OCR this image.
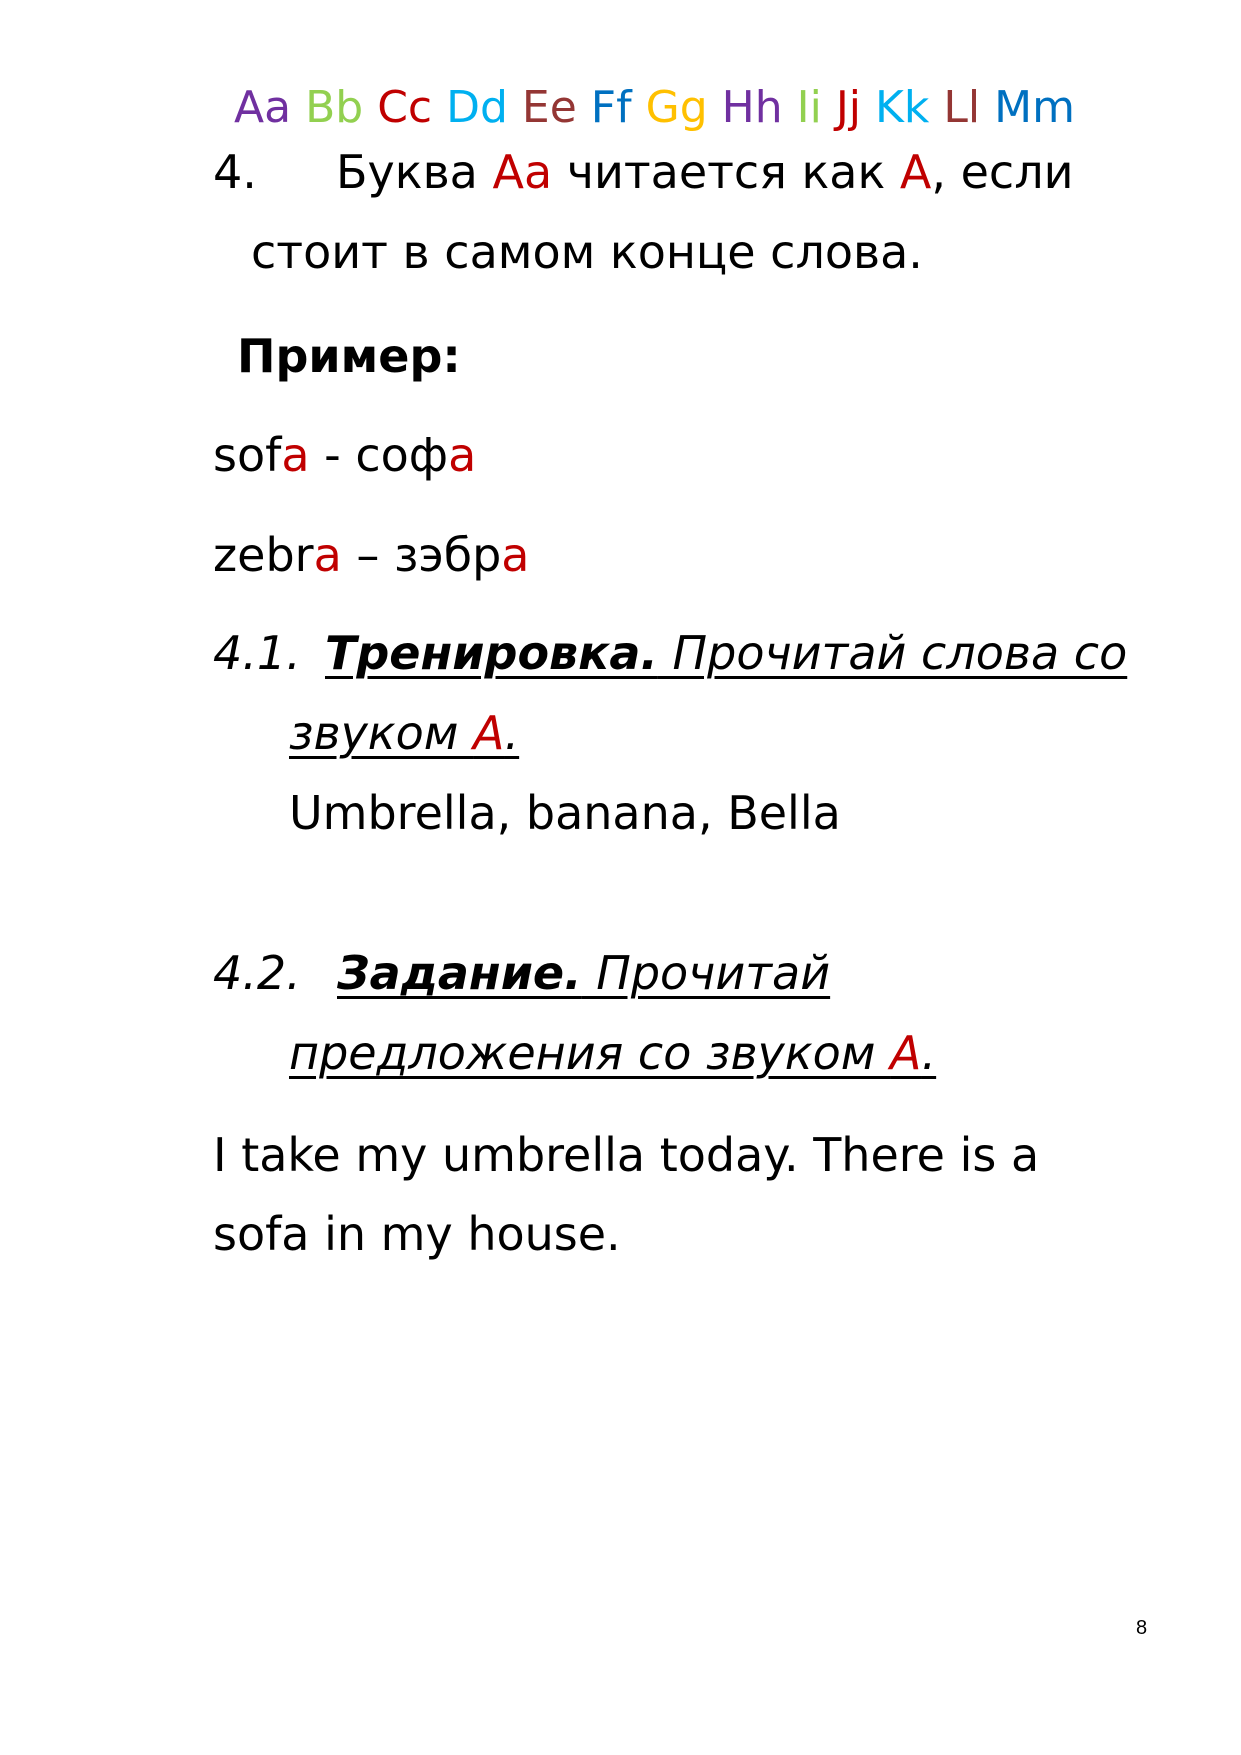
Aa Bb Cc Dd Ee Ff Gg Hh Ii Jj Kk Ll Mm
4. Буква Aa читается как A, если
стоит в самом конце слова.
Пример:
sofa - софа
zebra – зэбра
4.1. Тренировка. Прочитай слова со
звуком А.
Umbrella, banana, Bella
4.2. Задание. Прочитай
предложения со звуком А.
I take my umbrella today. There is a
sofa in my house.
8
